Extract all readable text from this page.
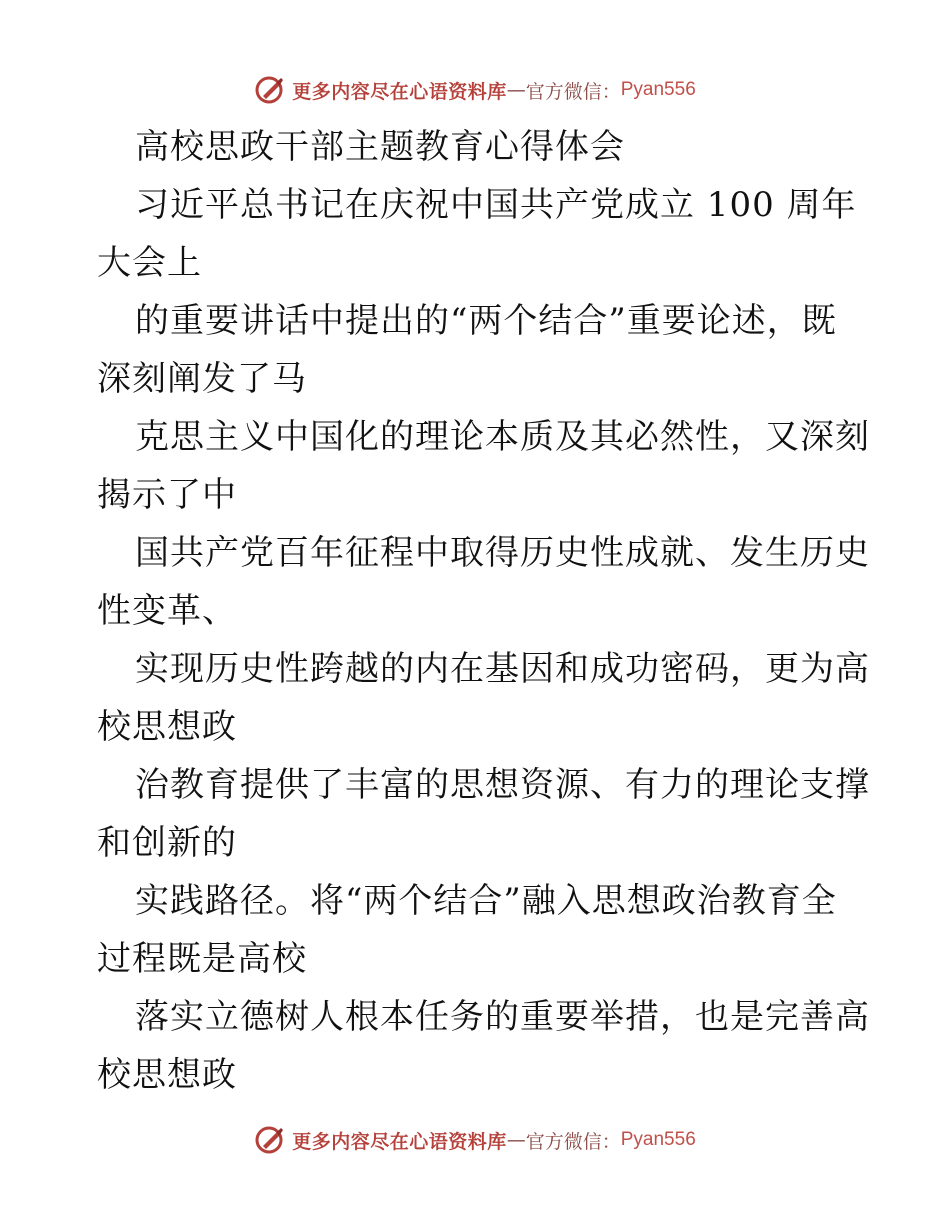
更多内容尽在心语资料库 — 官方微信： Pyan556
高校思政干部主题教育心得体会
习近平总书记在庆祝中国共产党成立 100 周年
大会上
的重要讲话中提出的“两个结合”重要论述，既
深刻阐发了马
克思主义中国化的理论本质及其必然性，又深刻
揭示了中
国共产党百年征程中取得历史性成就、发生历史
性变革、
实现历史性跨越的内在基因和成功密码，更为高
校思想政
治教育提供了丰富的思想资源、有力的理论支撑
和创新的
实践路径。将“两个结合”融入思想政治教育全
过程既是高校
落实立德树人根本任务的重要举措，也是完善高
校思想政
更多内容尽在心语资料库 — 官方微信： Pyan556
